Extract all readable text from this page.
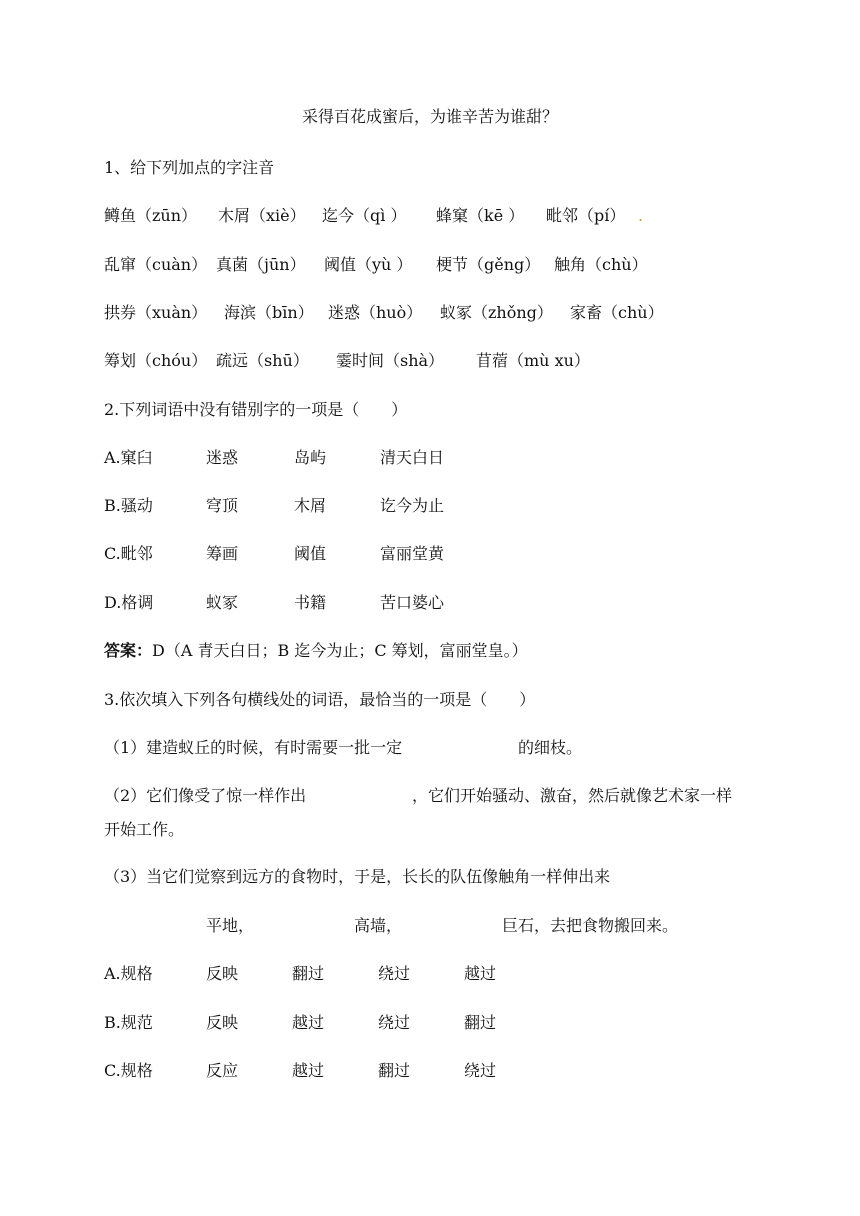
采得百花成蜜后，为谁辛苦为谁甜？
1、给下列加点的字注音
鳟鱼（zūn） 木屑（xiè） 迄今（qì ） 蜂窠（kē ） 毗邻（pí） .
乱窜（cuàn） 真菌（jūn） 阈值（yù ） 梗节（gěng） 触角（chù）
拱券（xuàn） 海滨（bīn） 迷惑（huò） 蚁冢（zhǒng） 家畜（chù）
筹划（chóu） 疏远（shū） 霎时间（shà） 苜蓿（mù xu）
2.下列词语中没有错别字的一项是（　　）
A.窠臼	迷惑	岛屿	清天白日
B.骚动	穹顶	木屑	讫今为止
C.毗邻	筹画	阈值	富丽堂黄
D.格调	蚁冢	书籍	苦口婆心
答案：D（A 青天白日；B 迄今为止；C 筹划，富丽堂皇。）
3.依次填入下列各句横线处的词语，最恰当的一项是（　　）
（1）建造蚁丘的时候，有时需要一批一定	的细枝。
（2）它们像受了惊一样作出	，它们开始骚动、激奋，然后就像艺术家一样
开始工作。
（3）当它们觉察到远方的食物时，于是，长长的队伍像触角一样伸出来
平地，	高墙，	巨石，去把食物搬回来。
A.规格	反映	翻过	绕过	越过
B.规范	反映	越过	绕过	翻过
C.规格	反应	越过	翻过	绕过
